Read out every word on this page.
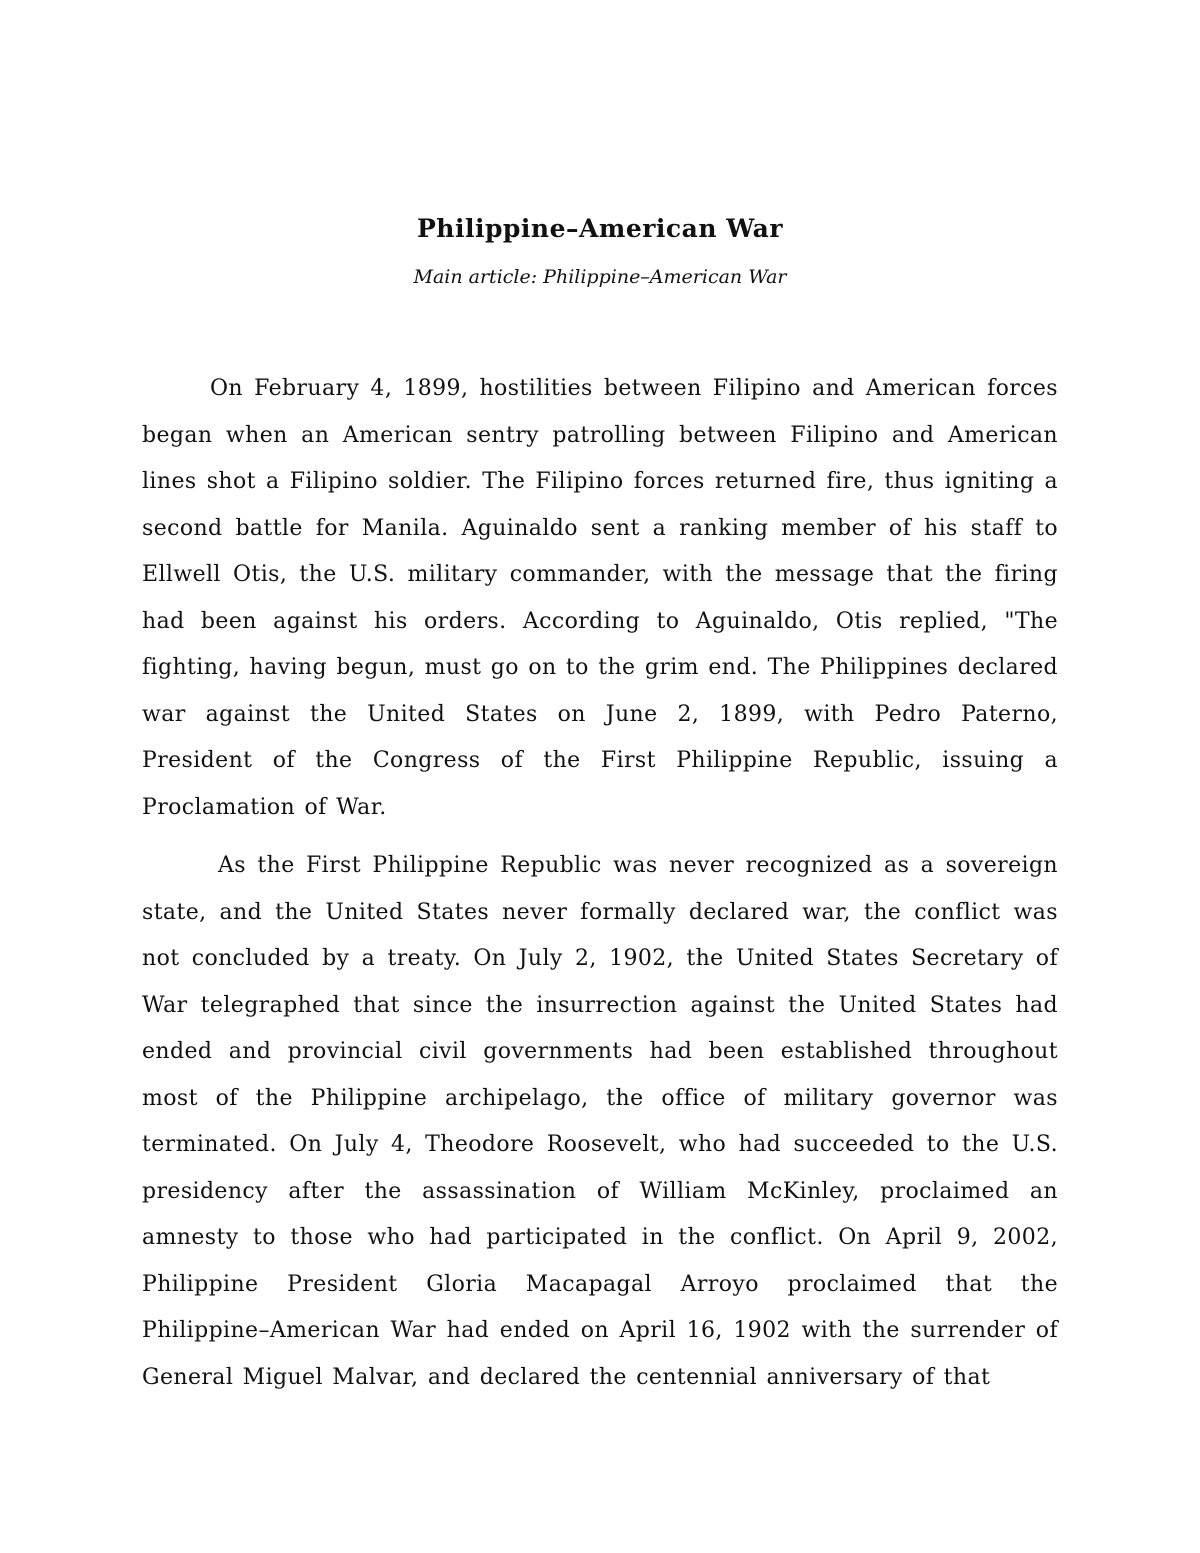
Philippine–American War

Main article: Philippine–American War

On February 4, 1899, hostilities between Filipino and American forces began when an American sentry patrolling between Filipino and American lines shot a Filipino soldier. The Filipino forces returned fire, thus igniting a second battle for Manila. Aguinaldo sent a ranking member of his staff to Ellwell Otis, the U.S. military commander, with the message that the firing had been against his orders. According to Aguinaldo, Otis replied, "The fighting, having begun, must go on to the grim end. The Philippines declared war against the United States on June 2, 1899, with Pedro Paterno, President of the Congress of the First Philippine Republic, issuing a Proclamation of War.

As the First Philippine Republic was never recognized as a sovereign state, and the United States never formally declared war, the conflict was not concluded by a treaty. On July 2, 1902, the United States Secretary of War telegraphed that since the insurrection against the United States had ended and provincial civil governments had been established throughout most of the Philippine archipelago, the office of military governor was terminated. On July 4, Theodore Roosevelt, who had succeeded to the U.S. presidency after the assassination of William McKinley, proclaimed an amnesty to those who had participated in the conflict. On April 9, 2002, Philippine President Gloria Macapagal Arroyo proclaimed that the Philippine–American War had ended on April 16, 1902 with the surrender of General Miguel Malvar, and declared the centennial anniversary of that
